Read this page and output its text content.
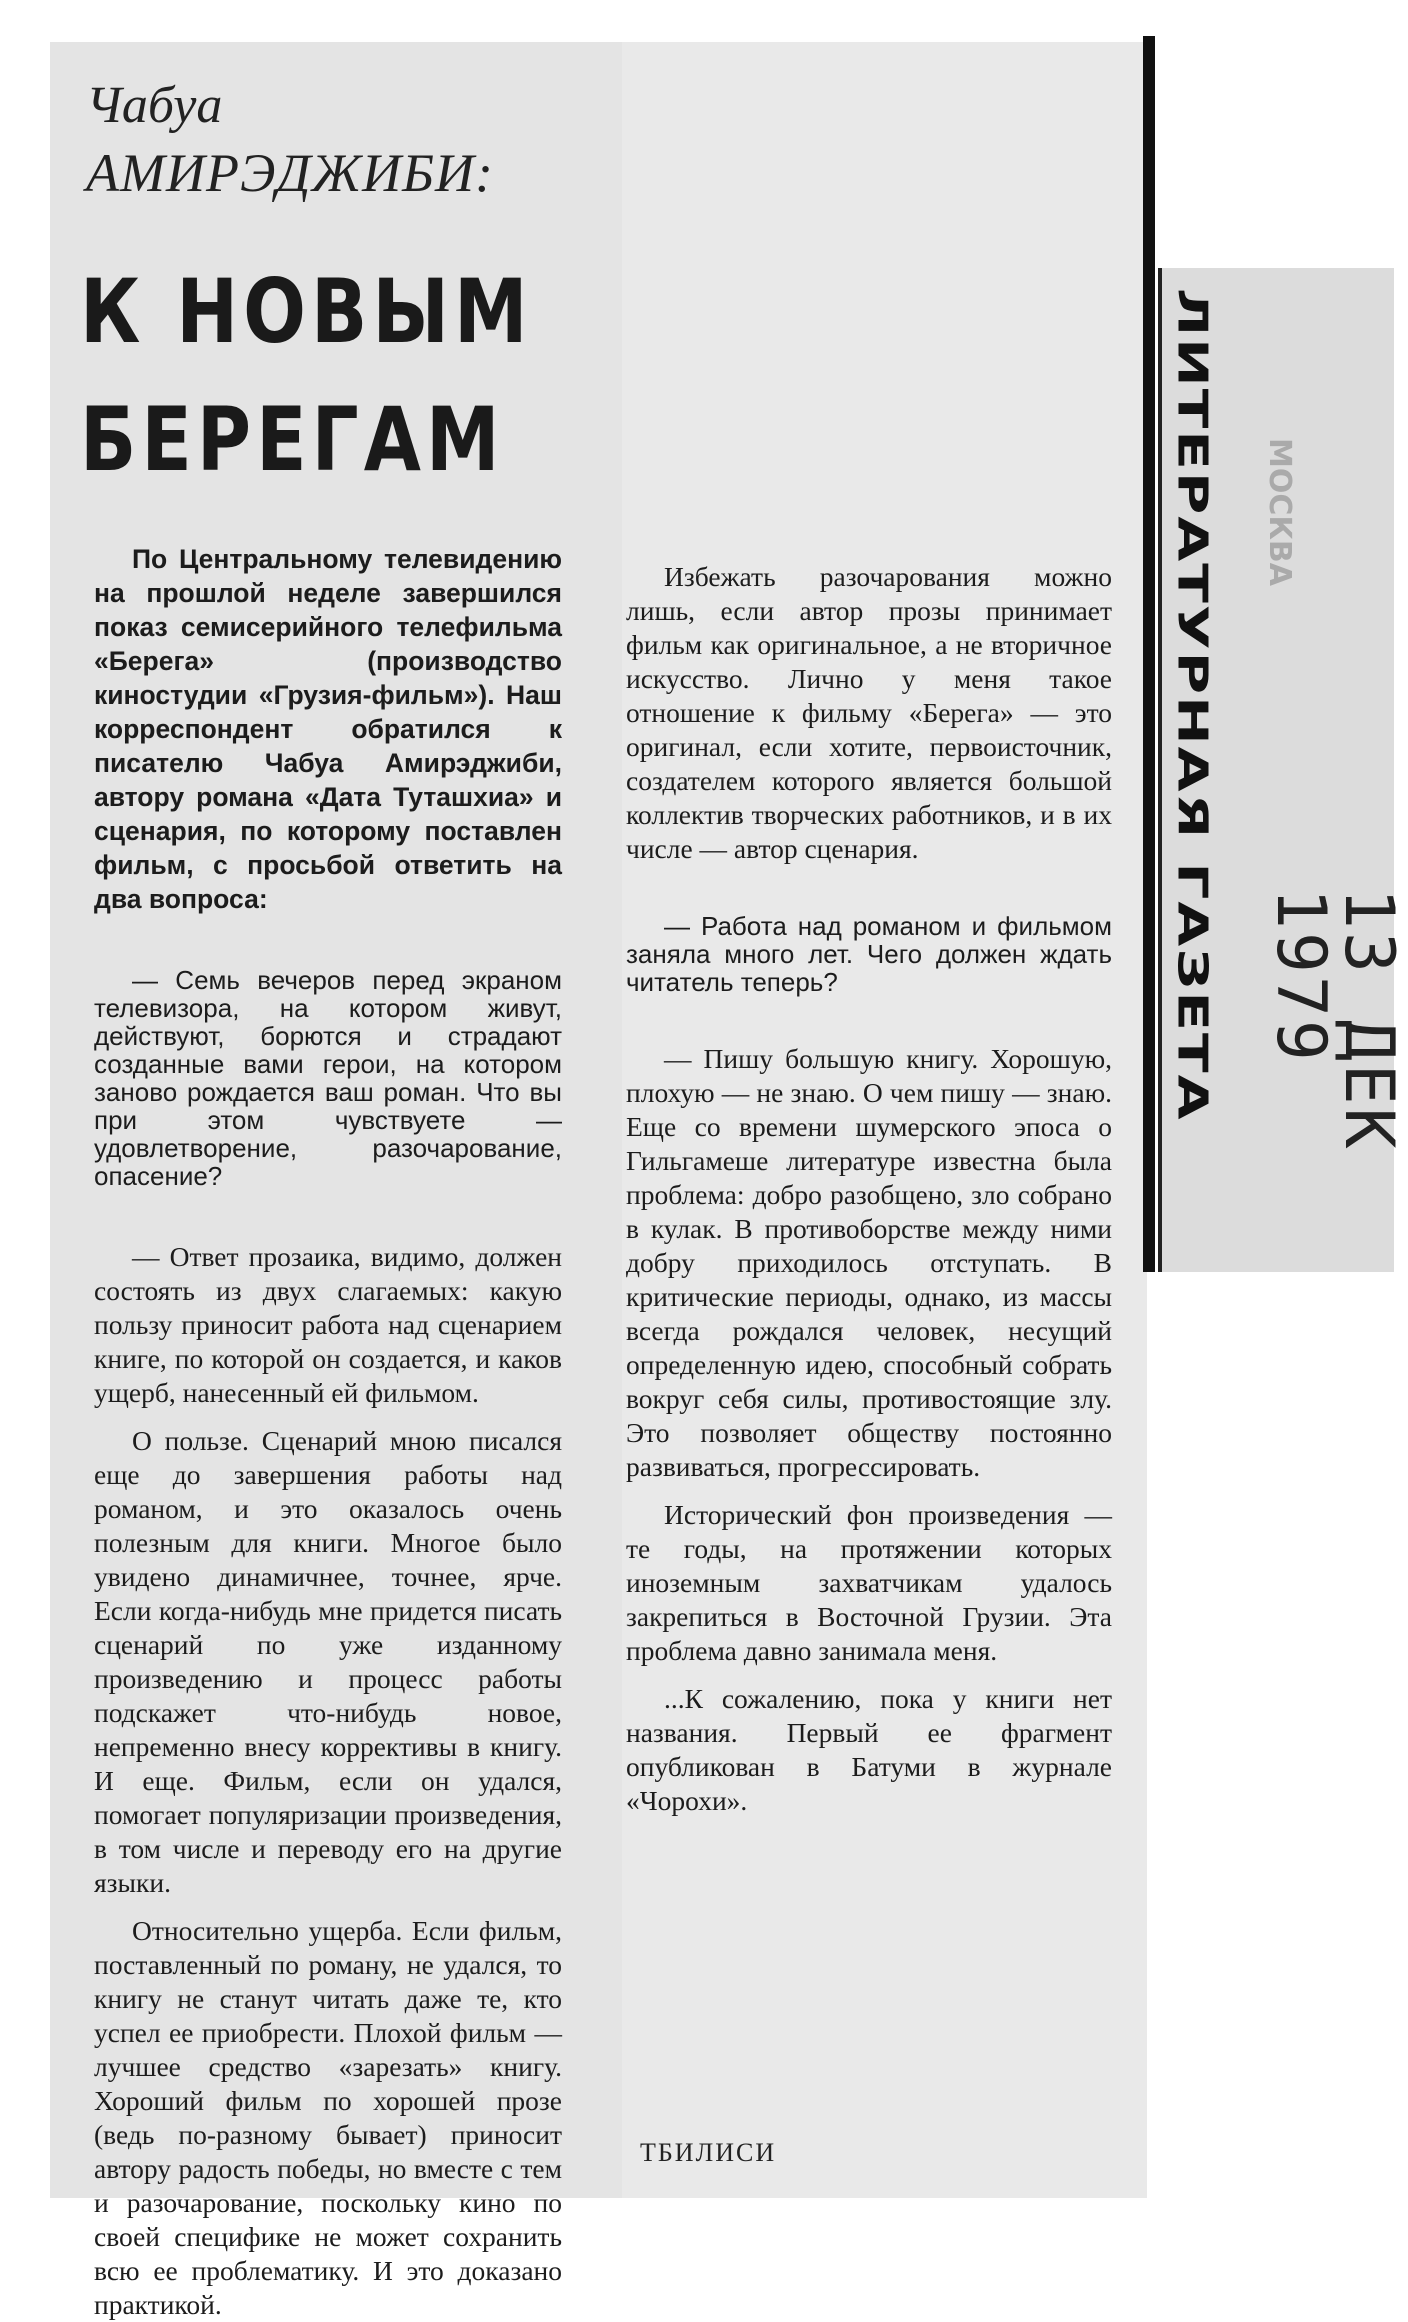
ЛИТЕРАТУРНАЯ ГАЗЕТА МОСКВА
13 ДЕК 1979
Чабуа
АМИРЭДЖИБИ:
К НОВЫМ БЕРЕГАМ

По Центральному телевидению на прошлой неделе завершился показ семисерийного телефильма «Берега» (производство киностудии «Грузия-фильм»). Наш корреспондент обратился к писателю Чабуа Амирэджиби, автору романа «Дата Туташхиа» и сценария, по которому поставлен фильм, с просьбой ответить на два вопроса:

— Семь вечеров перед экраном телевизора, на котором живут, действуют, борются и страдают созданные вами герои, на котором заново рождается ваш роман. Что вы при этом чувствуете — удовлетворение, разочарование, опасение?

— Ответ прозаика, видимо, должен состоять из двух слагаемых: какую пользу приносит работа над сценарием книге, по которой он создается, и каков ущерб, нанесенный ей фильмом.

О пользе. Сценарий мною писался еще до завершения работы над романом, и это оказалось очень полезным для книги. Многое было увидено динамичнее, точнее, ярче. Если когда-нибудь мне придется писать сценарий по уже изданному произведению и процесс работы подскажет что-нибудь новое, непременно внесу коррективы в книгу. И еще. Фильм, если он удался, помогает популяризации произведения, в том числе и переводу его на другие языки.

Относительно ущерба. Если фильм, поставленный по роману, не удался, то книгу не станут читать даже те, кто успел ее приобрести. Плохой фильм — лучшее средство «зарезать» книгу. Хороший фильм по хорошей прозе (ведь по-разному бывает) приносит автору радость победы, но вместе с тем и разочарование, поскольку кино по своей специфике не может сохранить всю ее проблематику. И это доказано практикой.

Избежать разочарования можно лишь, если автор прозы принимает фильм как оригинальное, а не вторичное искусство. Лично у меня такое отношение к фильму «Берега» — это оригинал, если хотите, первоисточник, создателем которого является большой коллектив творческих работников, и в их числе — автор сценария.

— Работа над романом и фильмом заняла много лет. Чего должен ждать читатель теперь?

— Пишу большую книгу. Хорошую, плохую — не знаю. О чем пишу — знаю. Еще со времени шумерского эпоса о Гильгамеше литературе известна была проблема: добро разобщено, зло собрано в кулак. В противоборстве между ними добру приходилось отступать. В критические периоды, однако, из массы всегда рождался человек, несущий определенную идею, способный собрать вокруг себя силы, противостоящие злу. Это позволяет обществу постоянно развиваться, прогрессировать.

Исторический фон произведения — те годы, на протяжении которых иноземным захватчикам удалось закрепиться в Восточной Грузии. Эта проблема давно занимала меня.

...К сожалению, пока у книги нет названия. Первый ее фрагмент опубликован в Батуми в журнале «Чорохи».

ТБИЛИСИ
